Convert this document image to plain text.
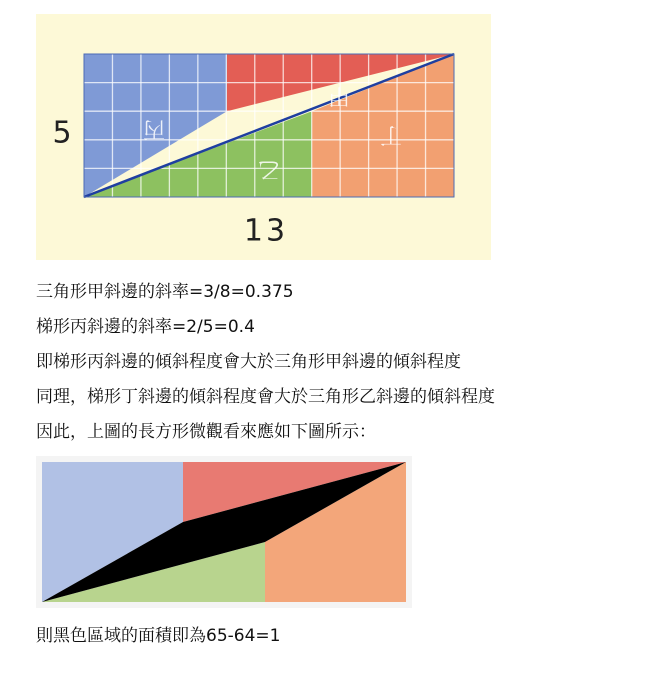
丙
甲
乙
丁
5
13

三角形甲斜邊的斜率=3/8=0.375

梯形丙斜邊的斜率=2/5=0.4

即梯形丙斜邊的傾斜程度會大於三角形甲斜邊的傾斜程度

同理，梯形丁斜邊的傾斜程度會大於三角形乙斜邊的傾斜程度

因此，上圖的長方形微觀看來應如下圖所示：

則黑色區域的面積即為65-64=1
